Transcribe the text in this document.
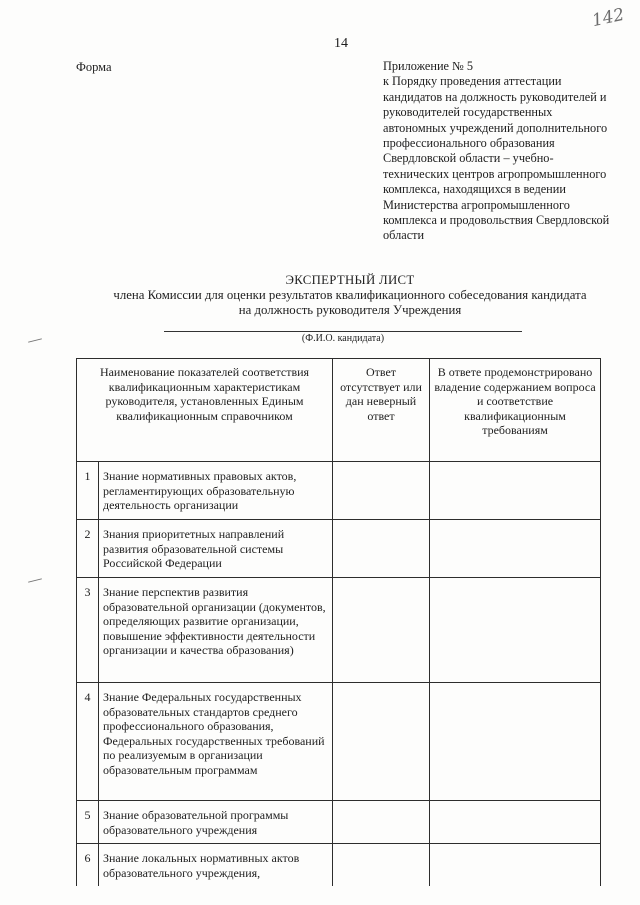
142
14
Форма	Приложение № 5
к Порядку проведения аттестации кандидатов на должность руководителей и руководителей государственных автономных учреждений дополнительного профессионального образования Свердловской области – учебно-технических центров агропромышленного комплекса, находящихся в ведении Министерства агропромышленного комплекса и продовольствия Свердловской области
ЭКСПЕРТНЫЙ ЛИСТ
члена Комиссии для оценки результатов квалификационного собеседования кандидата
на должность руководителя Учреждения
(Ф.И.О. кандидата)
Наименование показателей соответствия квалификационным характеристикам руководителя, установленных Единым квалификационным справочником		Ответ отсутствует или дан неверный ответ	В ответе продемонстрировано владение содержанием вопроса и соответствие квалификационным требованиям
1	Знание нормативных правовых актов, регламентирующих образовательную деятельность организации		
2	Знания приоритетных направлений развития образовательной системы Российской Федерации		
3	Знание перспектив развития образовательной организации (документов, определяющих развитие организации, повышение эффективности деятельности организации и качества образования)		
4	Знание Федеральных государственных образовательных стандартов среднего профессионального образования, Федеральных государственных требований по реализуемым в организации образовательным программам		
5	Знание образовательной программы образовательного учреждения		
6	Знание локальных нормативных актов образовательного учреждения,		
